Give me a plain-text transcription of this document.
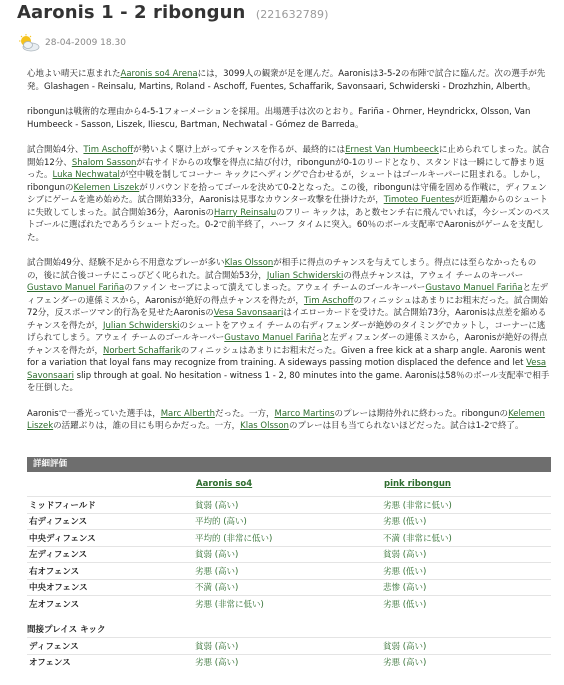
Aaronis 1 - 2 ribongun (221632789)
28-04-2009 18.30

心地よい晴天に恵まれたAaronis so4 Arenaには，3099人の観衆が足を運んだ。Aaronisは3-5-2の布陣で試合に臨んだ。次の選手が先発。Glashagen - Reinsalu, Martins, Roland - Aschoff, Fuentes, Schaffarik, Savonsaari, Schwiderski - Drozhzhin, Alberth。

ribongunは戦術的な理由から4-5-1フォーメーションを採用。出場選手は次のとおり。Fariña - Ohrner, Heyndrickx, Olsson, Van Humbeeck - Sasson, Liszek, Iliescu, Bartman, Nechwatal - Gómez de Barreda。

試合開始4分、Tim Aschoffが勢いよく駆け上がってチャンスを作るが、最終的にはErnest Van Humbeeckに止められてしまった。試合開始12分、Shalom Sassonが右サイドからの攻撃を得点に結び付け，ribongunが0-1のリードとなり、スタンドは一瞬にして静まり返った。Luka Nechwatalが空中戦を制してコーナー キックにヘディングで合わせるが，シュートはゴールキーパーに阻まれる。しかし，ribongunのKelemen Liszekがリバウンドを拾ってゴールを決めて0-2となった。この後，ribongunは守備を固める作戦に，ディフェンシブにゲームを進め始めた。試合開始33分，Aaronisは見事なカウンター攻撃を仕掛けたが，Timoteo Fuentesが近距離からのシュートに失敗してしまった。試合開始36分，AaronisのHarry Reinsaluのフリー キックは，あと数センチ右に飛んでいれば，今シーズンのベストゴールに選ばれたであろうシュートだった。0-2で前半終了，ハーフ タイムに突入。60％のボール支配率でAaronisがゲームを支配した。

試合開始49分、経験不足から不用意なプレーが多いKlas Olssonが相手に得点のチャンスを与えてしまう。得点には至らなかったものの，後に試合後コーチにこっぴどく叱られた。試合開始53分，Julian Schwiderskiの得点チャンスは，アウェイ チームのキーパーGustavo Manuel Fariñaのファイン セーブによって潰えてしまった。アウェイ チームのゴールキーパーGustavo Manuel Fariñaと左ディフェンダーの連係ミスから，Aaronisが絶好の得点チャンスを得たが，Tim Aschoffのフィニッシュはあまりにお粗末だった。試合開始72分，反スポーツマン的行為を見せたAaronisのVesa Savonsaariはイエローカードを受けた。試合開始73分，Aaronisは点差を縮めるチャンスを得たが，Julian Schwiderskiのシュートをアウェイ チームの右ディフェンダーが絶妙のタイミングでカットし，コーナーに逃げられてしまう。アウェイ チームのゴールキーパーGustavo Manuel Fariñaと左ディフェンダーの連係ミスから，Aaronisが絶好の得点チャンスを得たが，Norbert Schaffarikのフィニッシュはあまりにお粗末だった。Given a free kick at a sharp angle. Aaronis went for a variation that loyal fans may recognize from training. A sideways passing motion displaced the defence and let Vesa Savonsaari slip through at goal. No hesitation - witness 1 - 2, 80 minutes into the game. Aaronisは58％のボール支配率で相手を圧倒した。

Aaronisで一番光っていた選手は，Marc Alberthだった。一方，Marco Martinsのプレーは期待外れに終わった。ribongunのKelemen Liszekの活躍ぶりは，誰の目にも明らかだった。一方，Klas Olssonのプレーは目も当てられないほどだった。試合は1-2で終了。

詳細評価
	Aaronis so4	pink ribongun
ミッドフィールド	貧弱 (高い)	劣悪 (非常に低い)
右ディフェンス	平均的 (高い)	劣悪 (低い)
中央ディフェンス	平均的 (非常に低い)	不満 (非常に低い)
左ディフェンス	貧弱 (高い)	貧弱 (高い)
右オフェンス	劣悪 (高い)	劣悪 (低い)
中央オフェンス	不満 (高い)	悲惨 (高い)
左オフェンス	劣悪 (非常に低い)	劣悪 (低い)
間接プレイス キック		
ディフェンス	貧弱 (高い)	貧弱 (高い)
オフェンス	劣悪 (高い)	劣悪 (高い)
